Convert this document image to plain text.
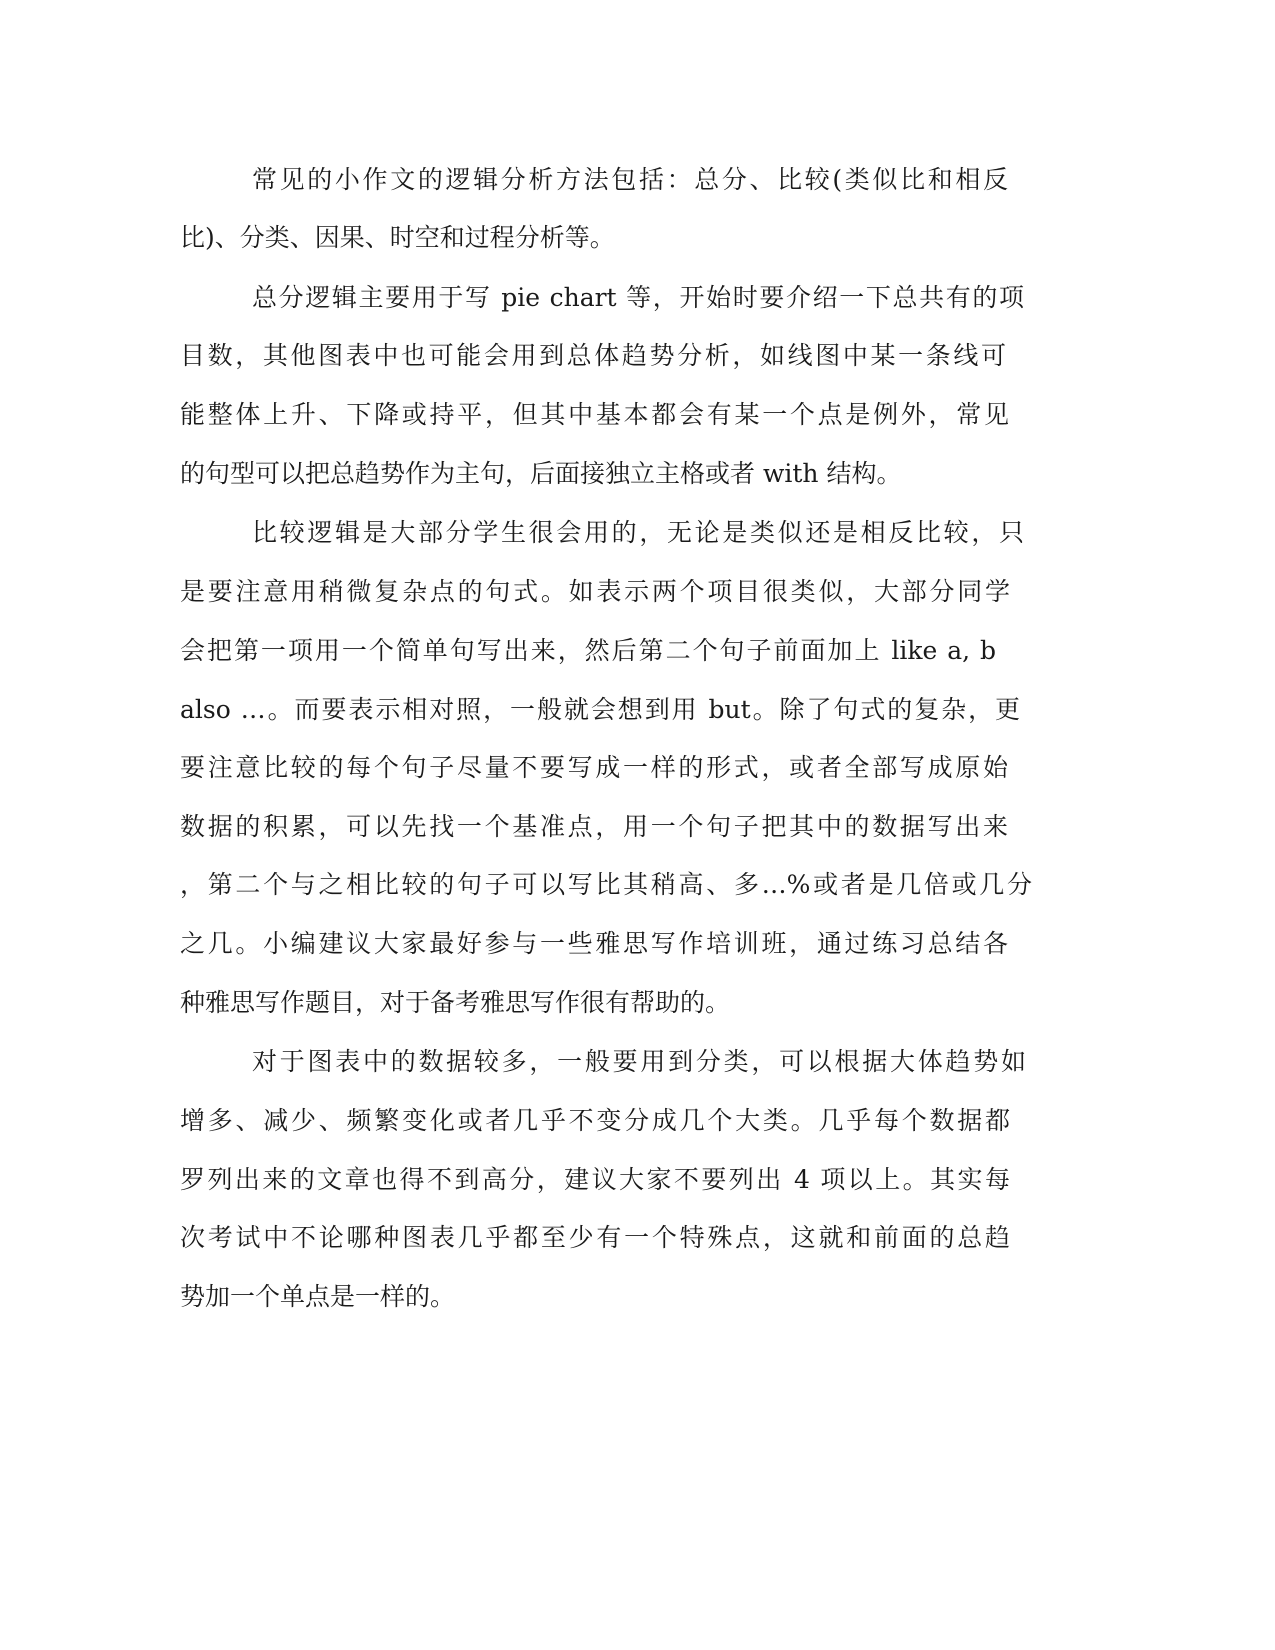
常见的小作文的逻辑分析方法包括：总分、比较(类似比和相反
比)、分类、因果、时空和过程分析等。
总分逻辑主要用于写 pie chart 等，开始时要介绍一下总共有的项
目数，其他图表中也可能会用到总体趋势分析，如线图中某一条线可
能整体上升、下降或持平，但其中基本都会有某一个点是例外，常见
的句型可以把总趋势作为主句，后面接独立主格或者 with 结构。
比较逻辑是大部分学生很会用的，无论是类似还是相反比较，只
是要注意用稍微复杂点的句式。如表示两个项目很类似，大部分同学
会把第一项用一个简单句写出来，然后第二个句子前面加上 like a, b
also …。而要表示相对照，一般就会想到用 but。除了句式的复杂，更
要注意比较的每个句子尽量不要写成一样的形式，或者全部写成原始
数据的积累，可以先找一个基准点，用一个句子把其中的数据写出来
，第二个与之相比较的句子可以写比其稍高、多…%或者是几倍或几分
之几。小编建议大家最好参与一些雅思写作培训班，通过练习总结各
种雅思写作题目，对于备考雅思写作很有帮助的。
对于图表中的数据较多，一般要用到分类，可以根据大体趋势如
增多、减少、频繁变化或者几乎不变分成几个大类。几乎每个数据都
罗列出来的文章也得不到高分，建议大家不要列出 4 项以上。其实每
次考试中不论哪种图表几乎都至少有一个特殊点，这就和前面的总趋
势加一个单点是一样的。
